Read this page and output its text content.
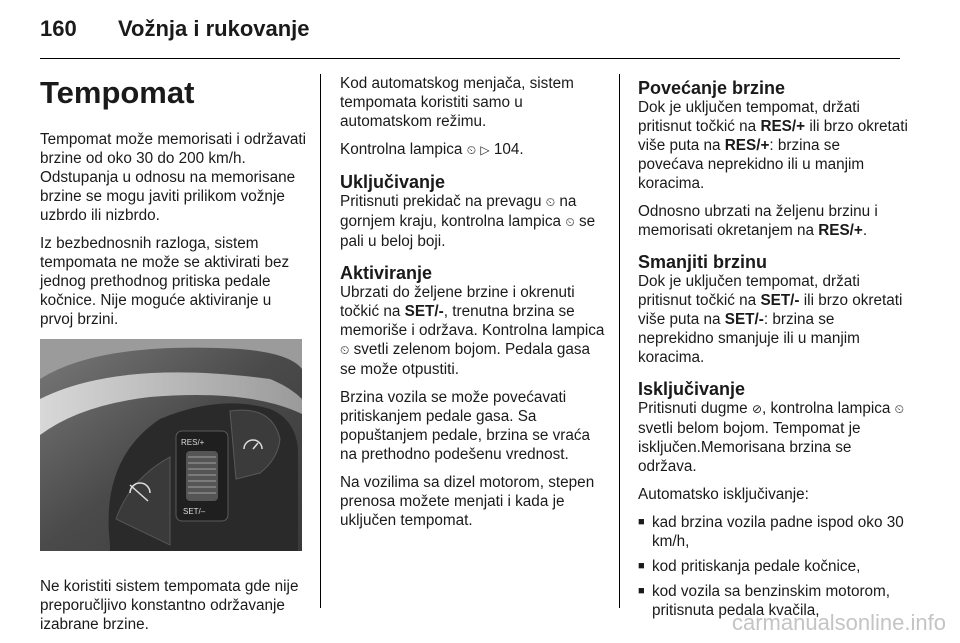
160 Vožnja i rukovanje
Tempomat

Tempomat može memorisati i održavati brzine od oko 30 do 200 km/h. Odstupanja u odnosu na memorisane brzine se mogu javiti prilikom vožnje uzbrdo ili nizbrdo.

Iz bezbednosnih razloga, sistem tempomata ne može se aktivirati bez jednog prethodnog pritiska pedale kočnice. Nije moguće aktiviranje u prvoj brzini.

RES/+
SET/–

Ne koristiti sistem tempomata gde nije preporučljivo konstantno održavanje izabrane brzine.

Kod automatskog menjača, sistem tempomata koristiti samo u automatskom režimu.

Kontrolna lampica ⏲ ▷ 104.

Uključivanje

Pritisnuti prekidač na prevagu ⏲ na gornjem kraju, kontrolna lampica ⏲ se pali u beloj boji.

Aktiviranje

Ubrzati do željene brzine i okrenuti točkić na SET/-, trenutna brzina se memoriše i održava. Kontrolna lampica ⏲ svetli zelenom bojom. Pedala gasa se može otpustiti.

Brzina vozila se može povećavati pritiskanjem pedale gasa. Sa popuštanjem pedale, brzina se vraća na prethodno podešenu vrednost.

Na vozilima sa dizel motorom, stepen prenosa možete menjati i kada je uključen tempomat.

Povećanje brzine

Dok je uključen tempomat, držati pritisnut točkić na RES/+ ili brzo okretati više puta na RES/+: brzina se povećava neprekidno ili u manjim koracima.

Odnosno ubrzati na željenu brzinu i memorisati okretanjem na RES/+.

Smanjiti brzinu

Dok je uključen tempomat, držati pritisnut točkić na SET/- ili brzo okretati više puta na SET/-: brzina se neprekidno smanjuje ili u manjim koracima.

Isključivanje

Pritisnuti dugme ⊘, kontrolna lampica ⏲ svetli belom bojom. Tempomat je isključen.Memorisana brzina se održava.

Automatsko isključivanje:

■ kad brzina vozila padne ispod oko 30 km/h,
■ kod pritiskanja pedale kočnice,
■ kod vozila sa benzinskim motorom, pritisnuta pedala kvačila,
carmanualsonline.info
